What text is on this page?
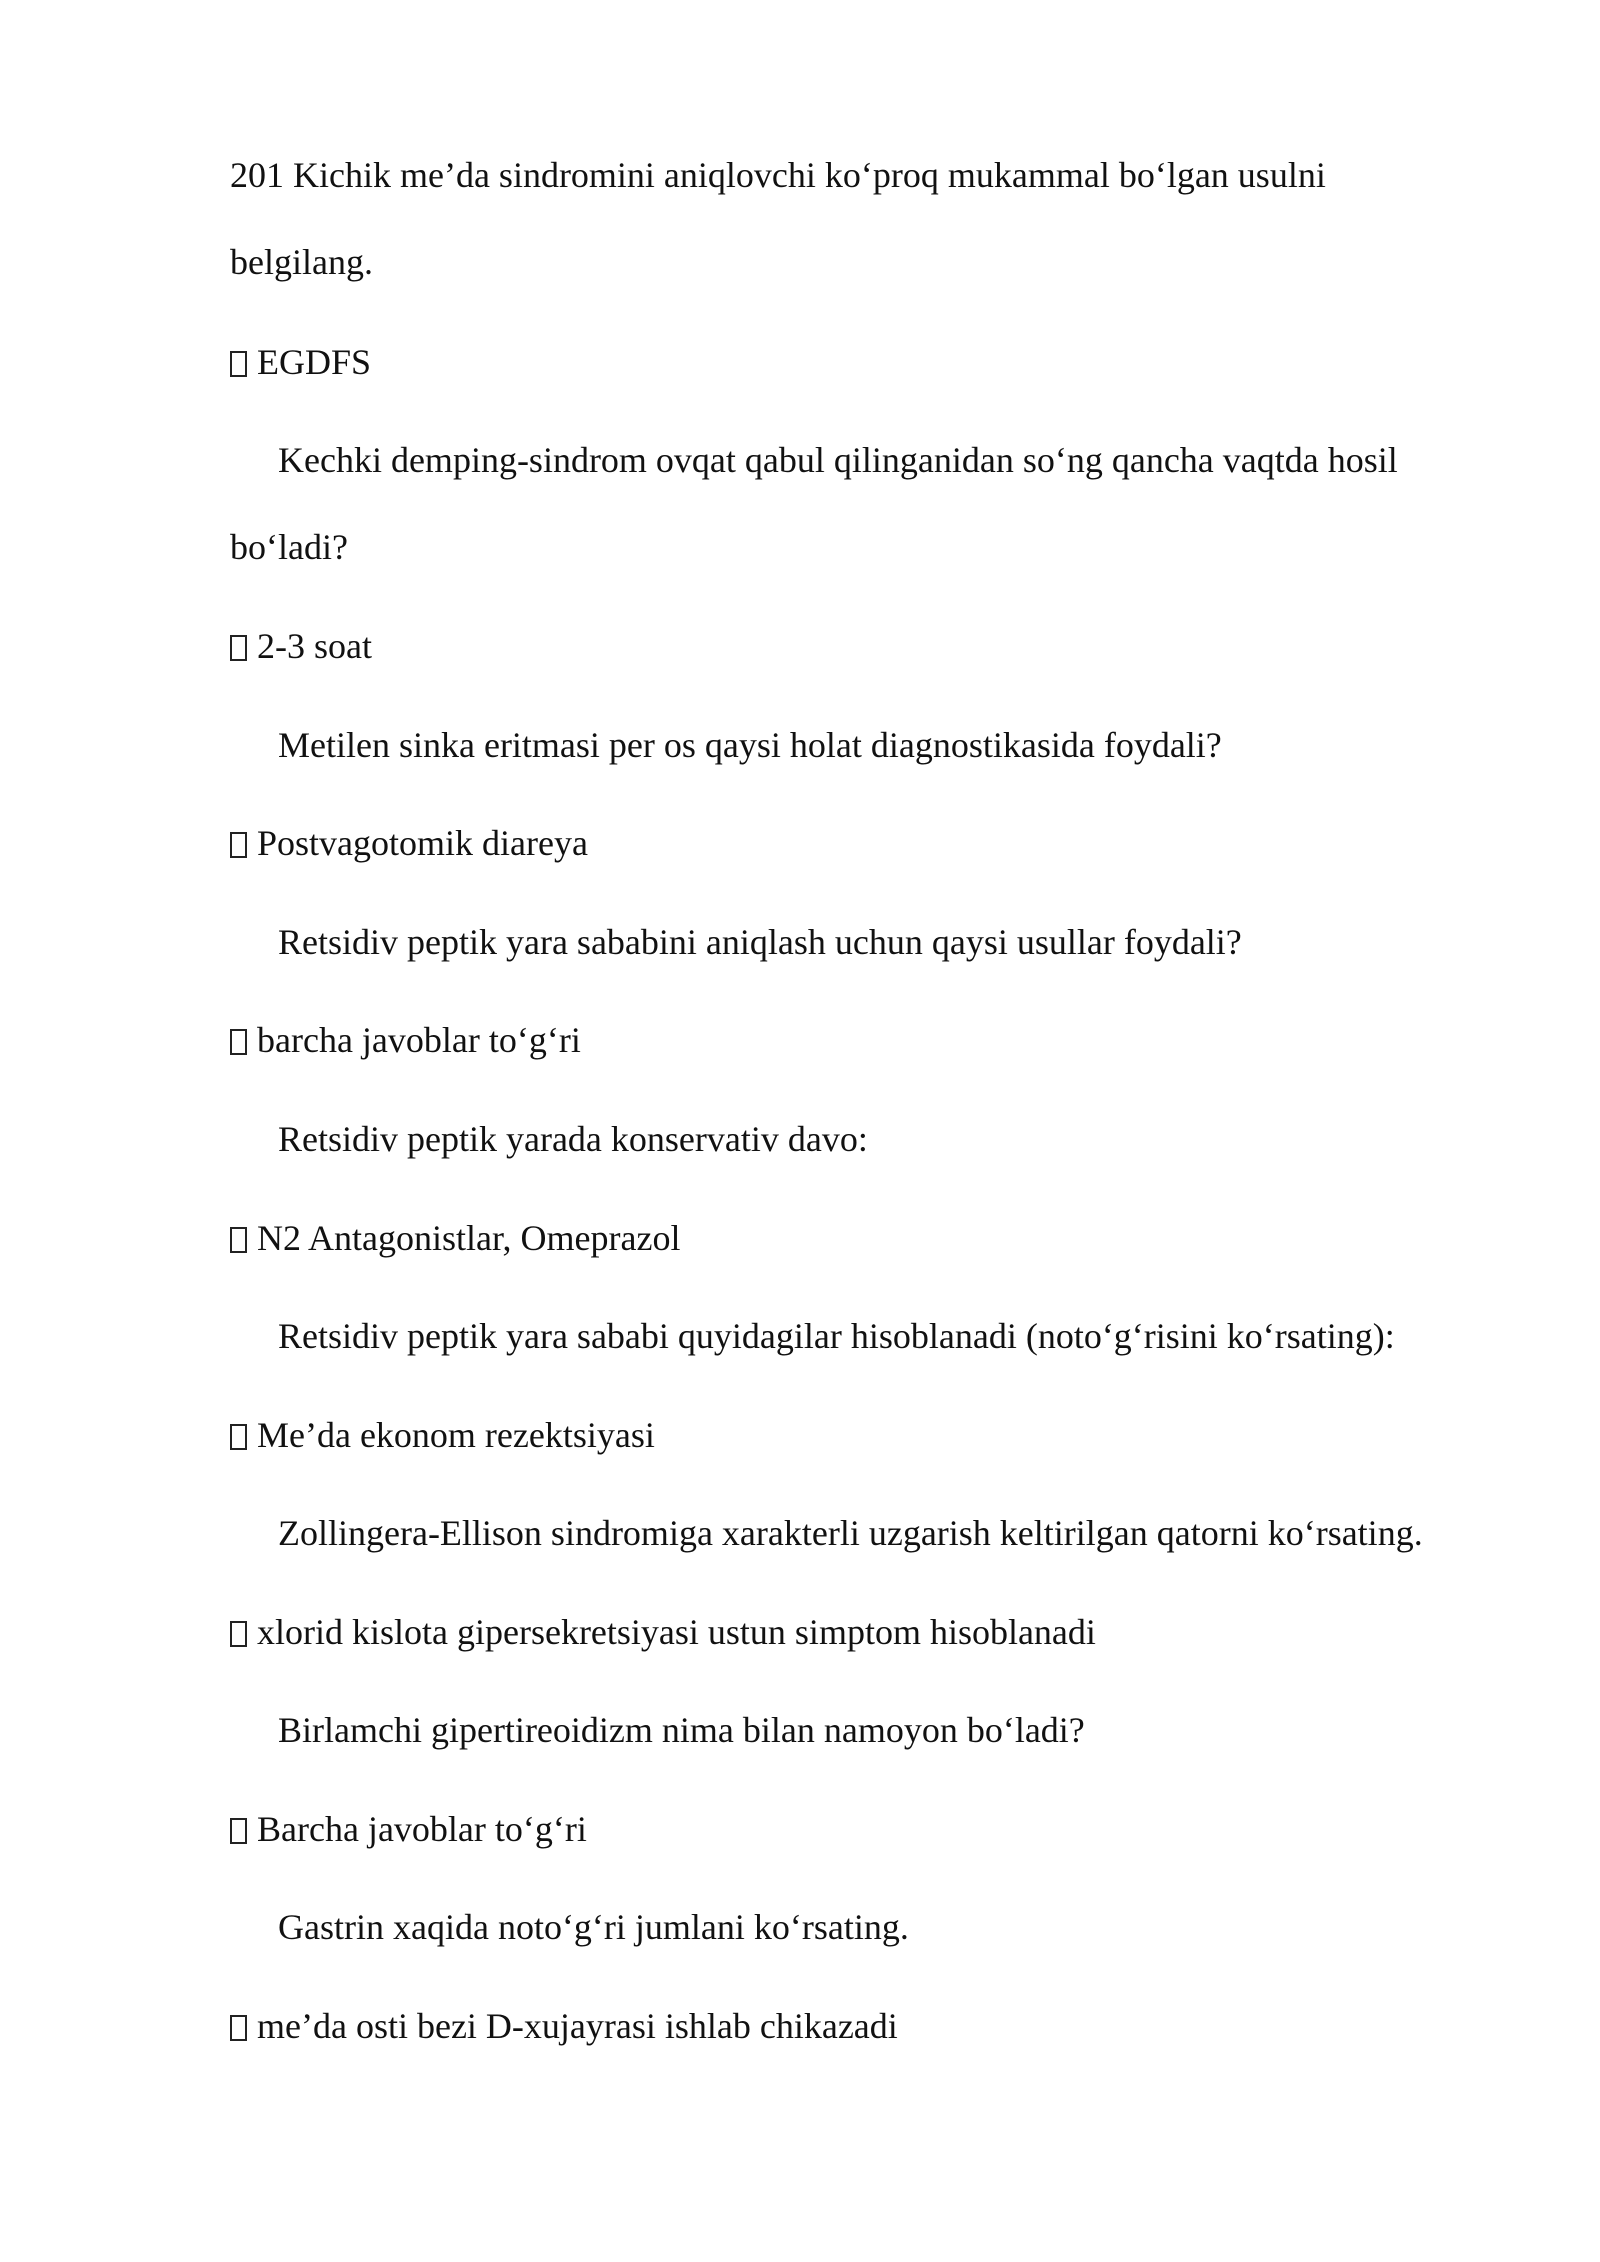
201 Kichik me’da sindromini aniqlovchi ko‘proq mukammal bo‘lgan usulni
belgilang.
EGDFS
Kechki demping-sindrom ovqat qabul qilinganidan so‘ng qancha vaqtda hosil
bo‘ladi?
2-3 soat
Metilen sinka eritmasi per os qaysi holat diagnostikasida foydali?
Postvagotomik diareya
Retsidiv peptik yara sababini aniqlash uchun qaysi usullar foydali?
barcha javoblar to‘g‘ri
Retsidiv peptik yarada konservativ davo:
N2 Antagonistlar, Omeprazol
Retsidiv peptik yara sababi quyidagilar hisoblanadi (noto‘g‘risini ko‘rsating):
Me’da ekonom rezektsiyasi
Zollingera-Ellison sindromiga xarakterli uzgarish keltirilgan qatorni ko‘rsating.
xlorid kislota gipersekretsiyasi ustun simptom hisoblanadi
Birlamchi gipertireoidizm nima bilan namoyon bo‘ladi?
Barcha javoblar to‘g‘ri
Gastrin xaqida noto‘g‘ri jumlani ko‘rsating.
me’da osti bezi D-xujayrasi ishlab chikazadi
